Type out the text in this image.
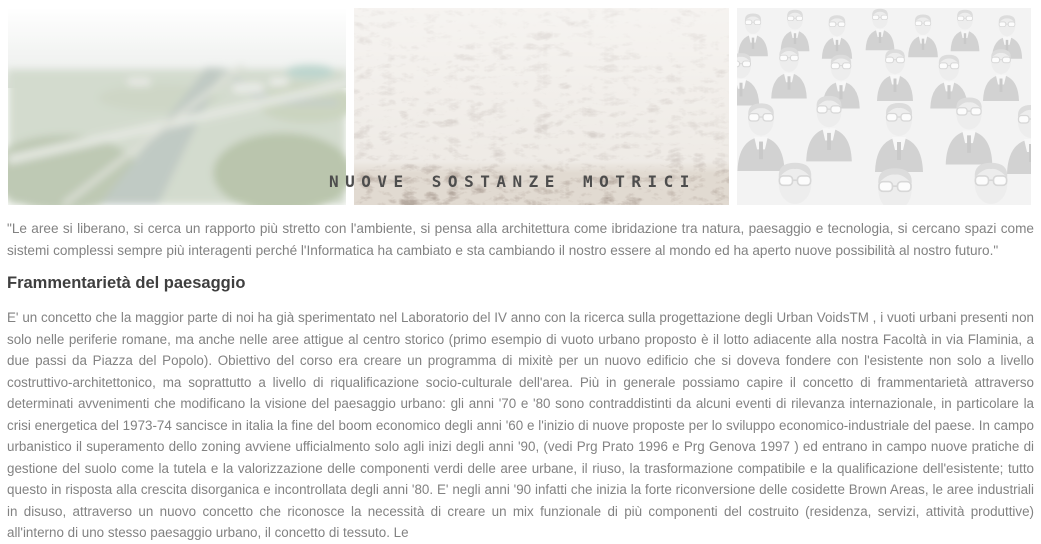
NUOVE SOSTANZE MOTRICI

"Le aree si liberano, si cerca un rapporto più stretto con l'ambiente, si pensa alla architettura come ibridazione tra natura, paesaggio e tecnologia, si cercano spazi come sistemi complessi sempre più interagenti perché l'Informatica ha cambiato e sta cambiando il nostro essere al mondo ed ha aperto nuove possibilità al nostro futuro."

Frammentarietà del paesaggio

E' un concetto che la maggior parte di noi ha già sperimentato nel Laboratorio del IV anno con la ricerca sulla progettazione degli Urban VoidsTM , i vuoti urbani presenti non solo nelle periferie romane, ma anche nelle aree attigue al centro storico (primo esempio di vuoto urbano proposto è il lotto adiacente alla nostra Facoltà in via Flaminia, a due passi da Piazza del Popolo). Obiettivo del corso era creare un programma di mixitè per un nuovo edificio che si doveva fondere con l'esistente non solo a livello costruttivo-architettonico, ma soprattutto a livello di riqualificazione socio-culturale dell'area. Più in generale possiamo capire il concetto di frammentarietà attraverso determinati avvenimenti che modificano la visione del paesaggio urbano: gli anni '70 e '80 sono contraddistinti da alcuni eventi di rilevanza internazionale, in particolare la crisi energetica del 1973-74 sancisce in italia la fine del boom economico degli anni '60 e l'inizio di nuove proposte per lo sviluppo economico-industriale del paese. In campo urbanistico il superamento dello zoning avviene ufficialmento solo agli inizi degli anni '90, (vedi Prg Prato 1996 e Prg Genova 1997 ) ed entrano in campo nuove pratiche di gestione del suolo come la tutela e la valorizzazione delle componenti verdi delle aree urbane, il riuso, la trasformazione compatibile e la qualificazione dell'esistente; tutto questo in risposta alla crescita disorganica e incontrollata degli anni '80. E' negli anni '90 infatti che inizia la forte riconversione delle cosidette Brown Areas, le aree industriali in disuso, attraverso un nuovo concetto che riconosce la necessità di creare un mix funzionale di più componenti del costruito (residenza, servizi, attività produttive) all'interno di uno stesso paesaggio urbano, il concetto di tessuto. Le
